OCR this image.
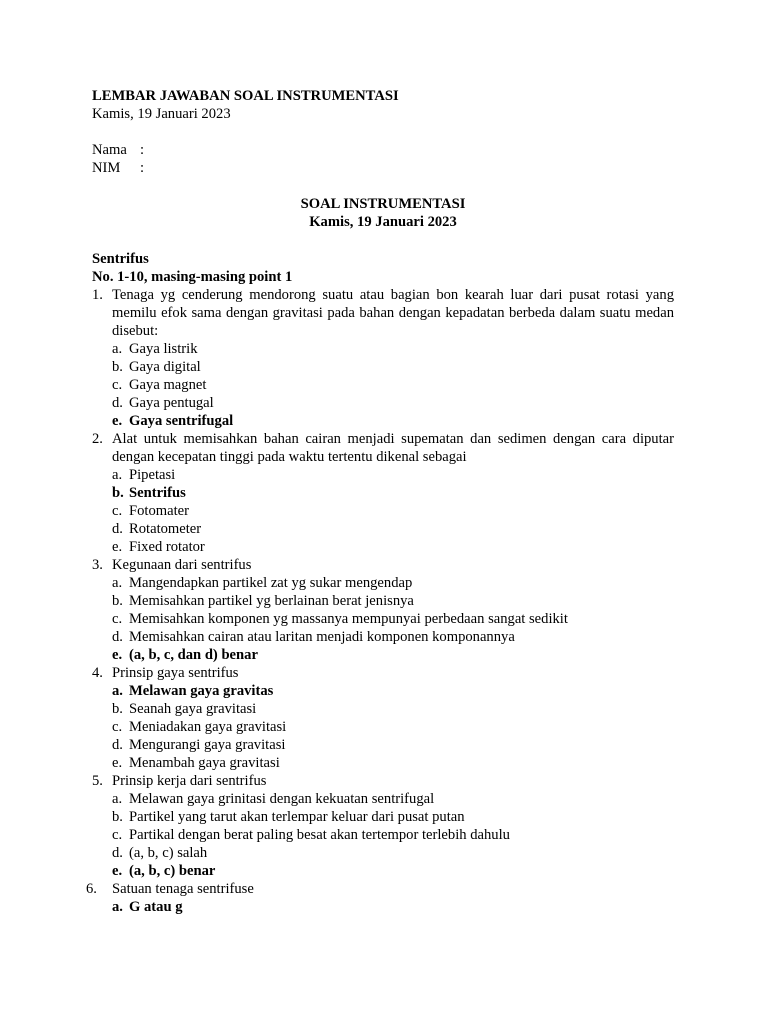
LEMBAR JAWABAN SOAL INSTRUMENTASI
Kamis, 19 Januari 2023
Nama :
NIM	:
SOAL INSTRUMENTASI
Kamis, 19 Januari 2023
Sentrifus
No. 1-10, masing-masing point 1
1. Tenaga yg cenderung mendorong suatu atau bagian bon kearah luar dari pusat rotasi yang memilu efok sama dengan gravitasi pada bahan dengan kepadatan berbeda dalam suatu medan disebut:
a. Gaya listrik
b. Gaya digital
c. Gaya magnet
d. Gaya pentugal
e. Gaya sentrifugal
2. Alat untuk memisahkan bahan cairan menjadi supematan dan sedimen dengan cara diputar dengan kecepatan tinggi pada waktu tertentu dikenal sebagai
a. Pipetasi
b. Sentrifus
c. Fotomater
d. Rotatometer
e. Fixed rotator
3. Kegunaan dari sentrifus
a. Mangendapkan partikel zat yg sukar mengendap
b. Memisahkan partikel yg berlainan berat jenisnya
c. Memisahkan komponen yg massanya mempunyai perbedaan sangat sedikit
d. Memisahkan cairan atau laritan menjadi komponen komponannya
e. (a, b, c, dan d) benar
4. Prinsip gaya sentrifus
a. Melawan gaya gravitas
b. Seanah gaya gravitasi
c. Meniadakan gaya gravitasi
d. Mengurangi gaya gravitasi
e. Menambah gaya gravitasi
5. Prinsip kerja dari sentrifus
a. Melawan gaya grinitasi dengan kekuatan sentrifugal
b. Partikel yang tarut akan terlempar keluar dari pusat putan
c. Partikal dengan berat paling besat akan tertempor terlebih dahulu
d. (a, b, c) salah
e. (a, b, c) benar
6. Satuan tenaga sentrifuse
a. G atau g
